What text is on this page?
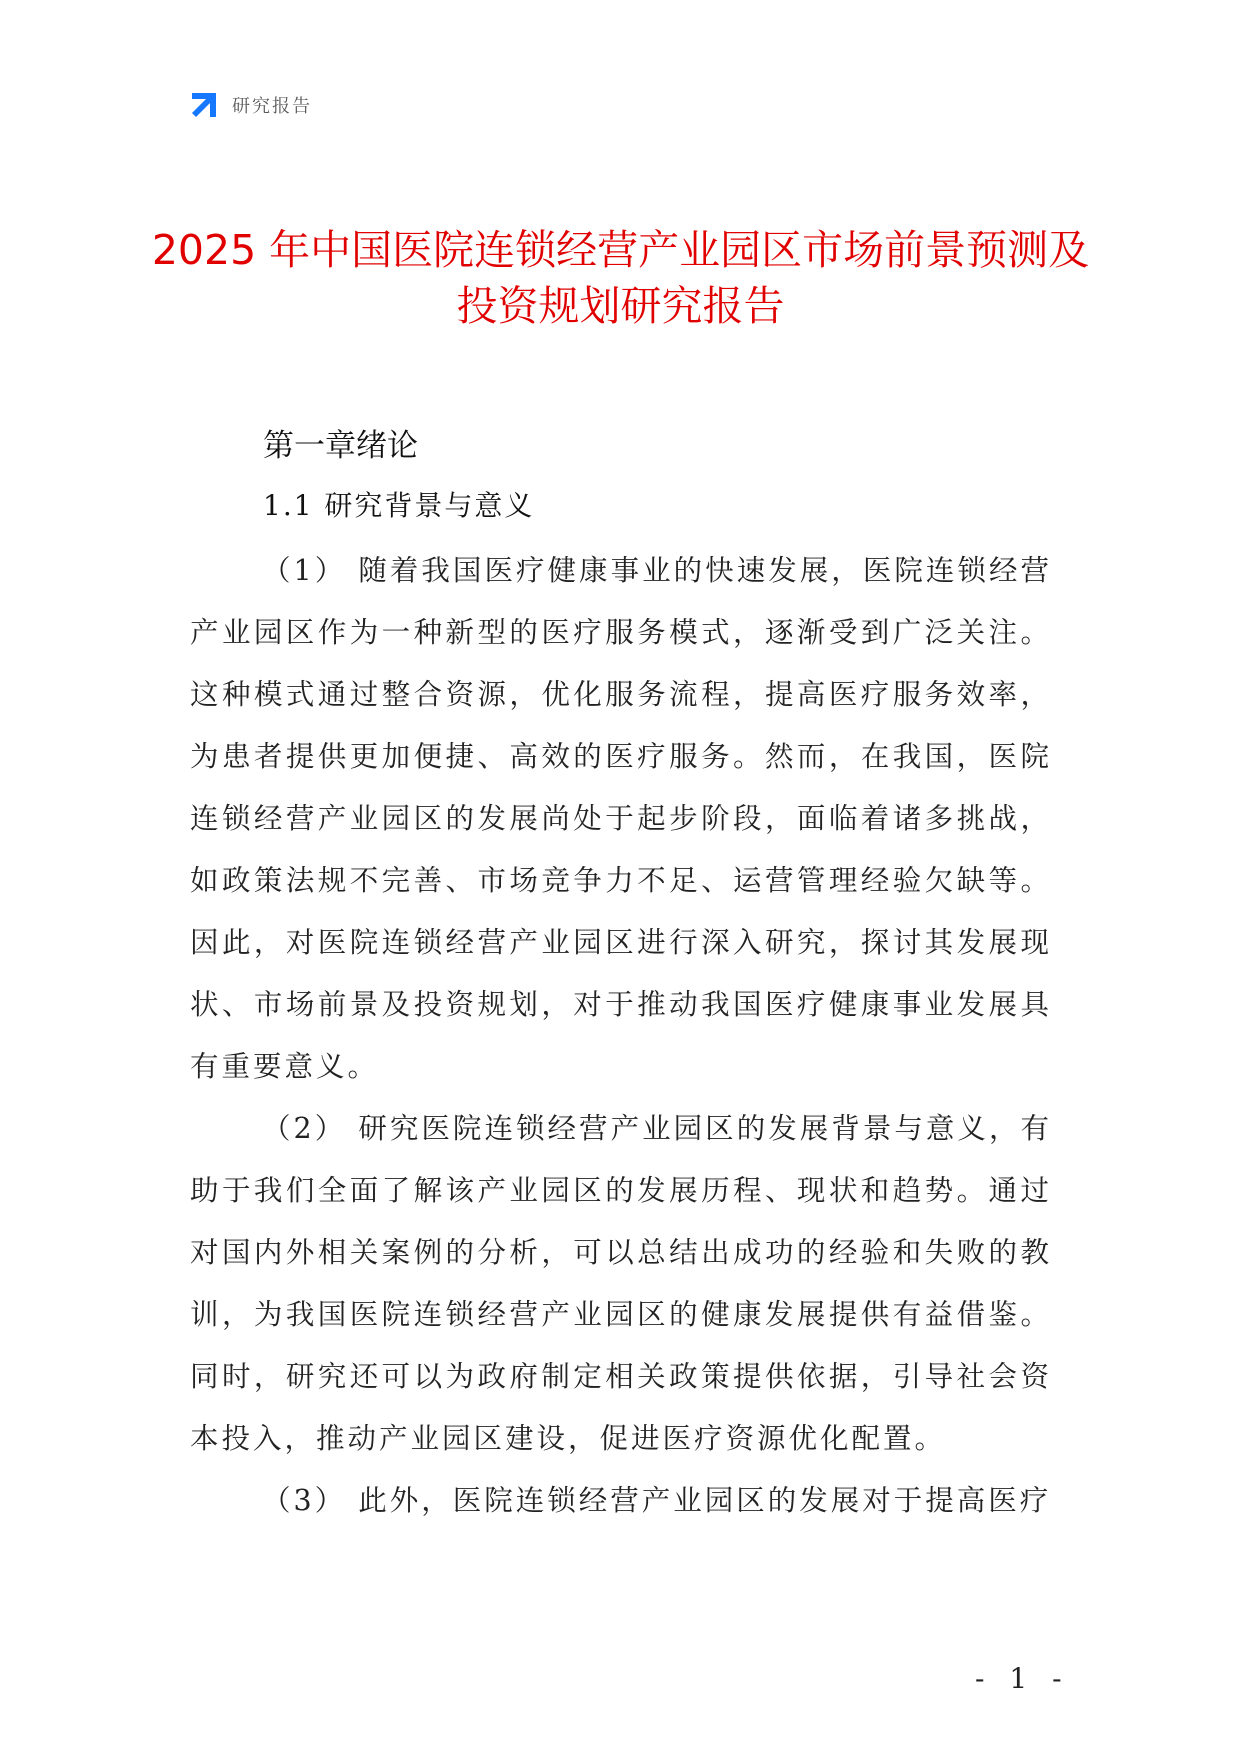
研究报告
2025 年中国医院连锁经营产业园区市场前景预测及投资规划研究报告
第一章绪论
1.1 研究背景与意义

（1） 随着我国医疗健康事业的快速发展，医院连锁经营产业园区作为一种新型的医疗服务模式，逐渐受到广泛关注。这种模式通过整合资源，优化服务流程，提高医疗服务效率，为患者提供更加便捷、高效的医疗服务。然而，在我国，医院连锁经营产业园区的发展尚处于起步阶段，面临着诸多挑战，如政策法规不完善、市场竞争力不足、运营管理经验欠缺等。因此，对医院连锁经营产业园区进行深入研究，探讨其发展现状、市场前景及投资规划，对于推动我国医疗健康事业发展具有重要意义。

（2） 研究医院连锁经营产业园区的发展背景与意义，有助于我们全面了解该产业园区的发展历程、现状和趋势。通过对国内外相关案例的分析，可以总结出成功的经验和失败的教训，为我国医院连锁经营产业园区的健康发展提供有益借鉴。同时，研究还可以为政府制定相关政策提供依据，引导社会资本投入，推动产业园区建设，促进医疗资源优化配置。

（3） 此外，医院连锁经营产业园区的发展对于提高医疗

- 1 -
